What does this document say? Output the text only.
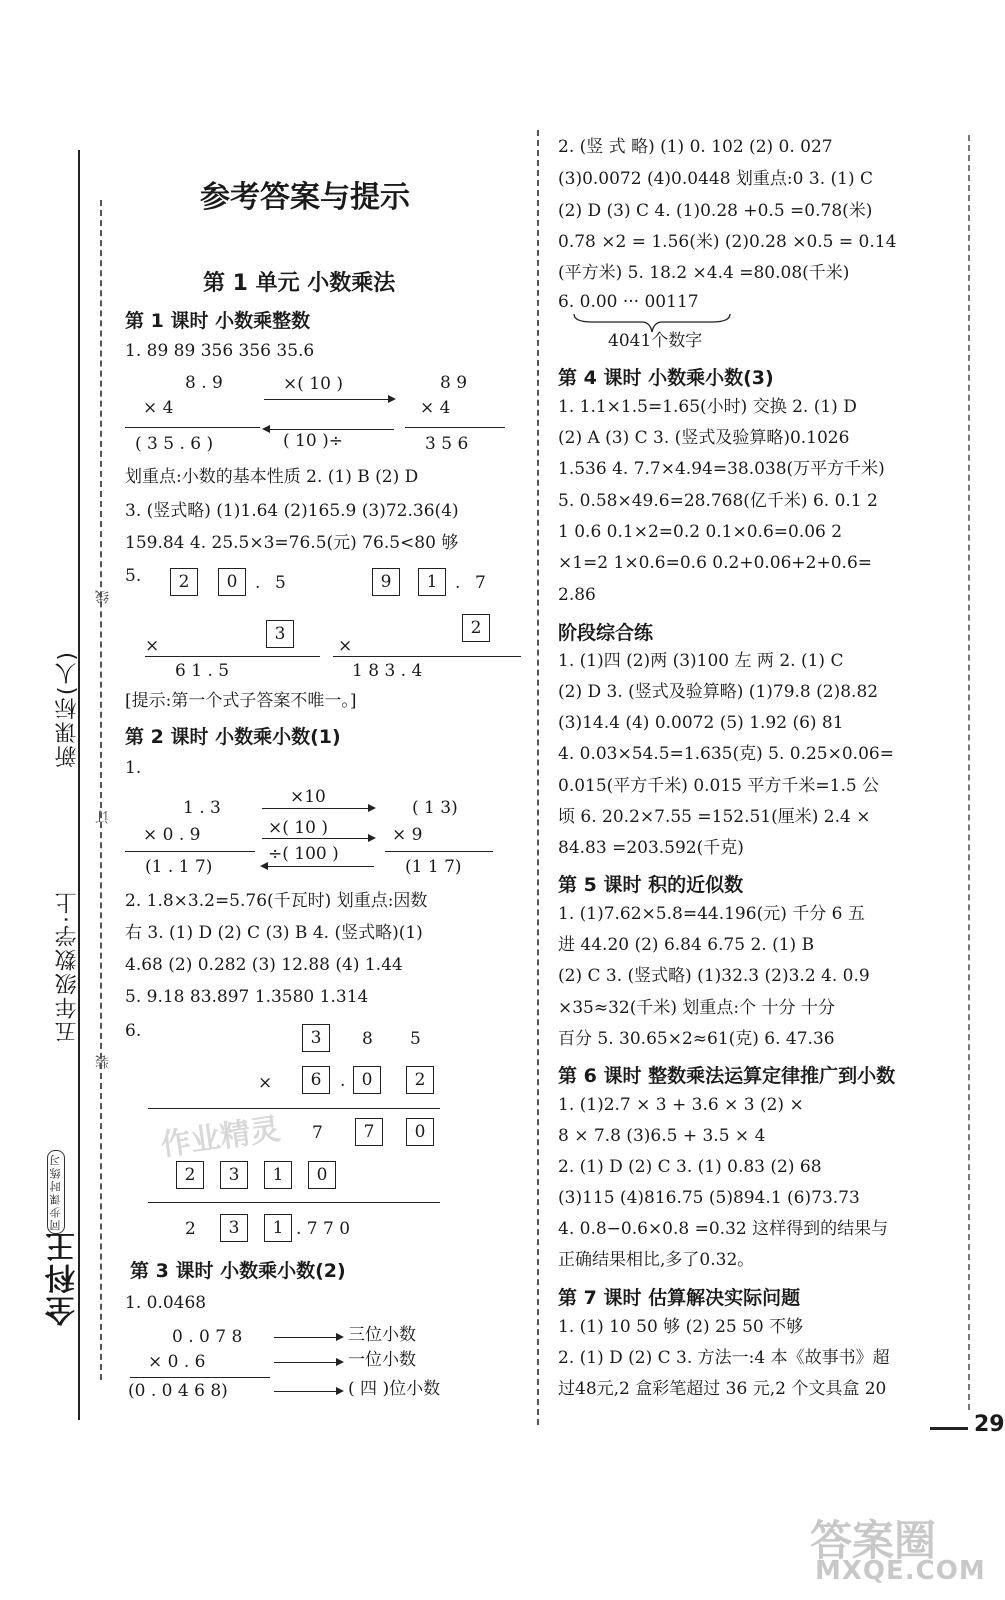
全科王
同步课时练习
五年级数学·上
新课标(人)
线
订
装
参考答案与提示
第 1 单元 小数乘法
第 1 课时 小数乘整数
1. 89 89 356 356 35.6
8 . 9
× 4
( 3 5 . 6 )
×( 10 )
( 10 )÷
8 9
× 4
3 5 6
划重点:小数的基本性质 2. (1) B (2) D
3. (竖式略) (1)1.64 (2)165.9 (3)72.36(4)
159.84 4. 25.5×3=76.5(元) 76.5<80 够
5.	2	0	. 5
×
3
6 1 . 5
9	1	. 7
×
2
1 8 3 . 4
[提示:第一个式子答案不唯一。]
第 2 课时 小数乘小数(1)
1.
1 . 3
× 0 . 9
(1 . 1 7)
×10
×( 10 )
÷( 100 )
( 1 3)
× 9
(1 1 7)
2. 1.8×3.2=5.76(千瓦时) 划重点:因数
右 3. (1) D (2) C (3) B 4. (竖式略)(1)
4.68 (2) 0.282 (3) 12.88 (4) 1.44
5. 9.18 83.897 1.3580 1.314
6.	3	8 5
×	6	. 0	2
7	7	0
2	3	1	0
2	3	1 . 7 7 0
第 3 课时 小数乘小数(2)
1. 0.0468
0 . 0 7 8	三位小数
× 0 . 6	一位小数
(0 . 0 4 6 8)	( 四 )位小数
2. (竖 式 略) (1) 0. 102 (2) 0. 027
(3)0.0072 (4)0.0448 划重点:0 3. (1) C
(2) D (3) C 4. (1)0.28 +0.5 =0.78(米)
0.78 ×2 = 1.56(米) (2)0.28 ×0.5 = 0.14
(平方米) 5. 18.2 ×4.4 =80.08(千米)
6. 0.00 ··· 00117
4041个数字
第 4 课时 小数乘小数(3)
1. 1.1×1.5=1.65(小时) 交换 2. (1) D
(2) A (3) C 3. (竖式及验算略)0.1026
1.536 4. 7.7×4.94=38.038(万平方千米)
5. 0.58×49.6=28.768(亿千米) 6. 0.1 2
1 0.6 0.1×2=0.2 0.1×0.6=0.06 2
×1=2 1×0.6=0.6 0.2+0.06+2+0.6=
2.86
阶段综合练
1. (1)四 (2)两 (3)100 左 两 2. (1) C
(2) D 3. (竖式及验算略) (1)79.8 (2)8.82
(3)14.4 (4) 0.0072 (5) 1.92 (6) 81
4. 0.03×54.5=1.635(克) 5. 0.25×0.06=
0.015(平方千米) 0.015 平方千米=1.5 公
顷 6. 20.2×7.55 =152.51(厘米) 2.4 ×
84.83 =203.592(千克)
第 5 课时 积的近似数
1. (1)7.62×5.8=44.196(元) 千分 6 五
进 44.20 (2) 6.84 6.75 2. (1) B
(2) C 3. (竖式略) (1)32.3 (2)3.2 4. 0.9
×35≈32(千米) 划重点:个 十分 十分
百分 5. 30.65×2≈61(克) 6. 47.36
第 6 课时 整数乘法运算定律推广到小数
1. (1)2.7 × 3 + 3.6 × 3 (2) ×
8 × 7.8 (3)6.5 + 3.5 × 4
2. (1) D (2) C 3. (1) 0.83 (2) 68
(3)115 (4)816.75 (5)894.1 (6)73.73
4. 0.8−0.6×0.8 =0.32 这样得到的结果与
正确结果相比,多了0.32。
第 7 课时 估算解决实际问题
1. (1) 10 50 够 (2) 25 50 不够
2. (1) D (2) C 3. 方法一:4 本《故事书》超
过48元,2 盒彩笔超过 36 元,2 个文具盒 20
29
作业精灵
答案圈
MXQE.COM
